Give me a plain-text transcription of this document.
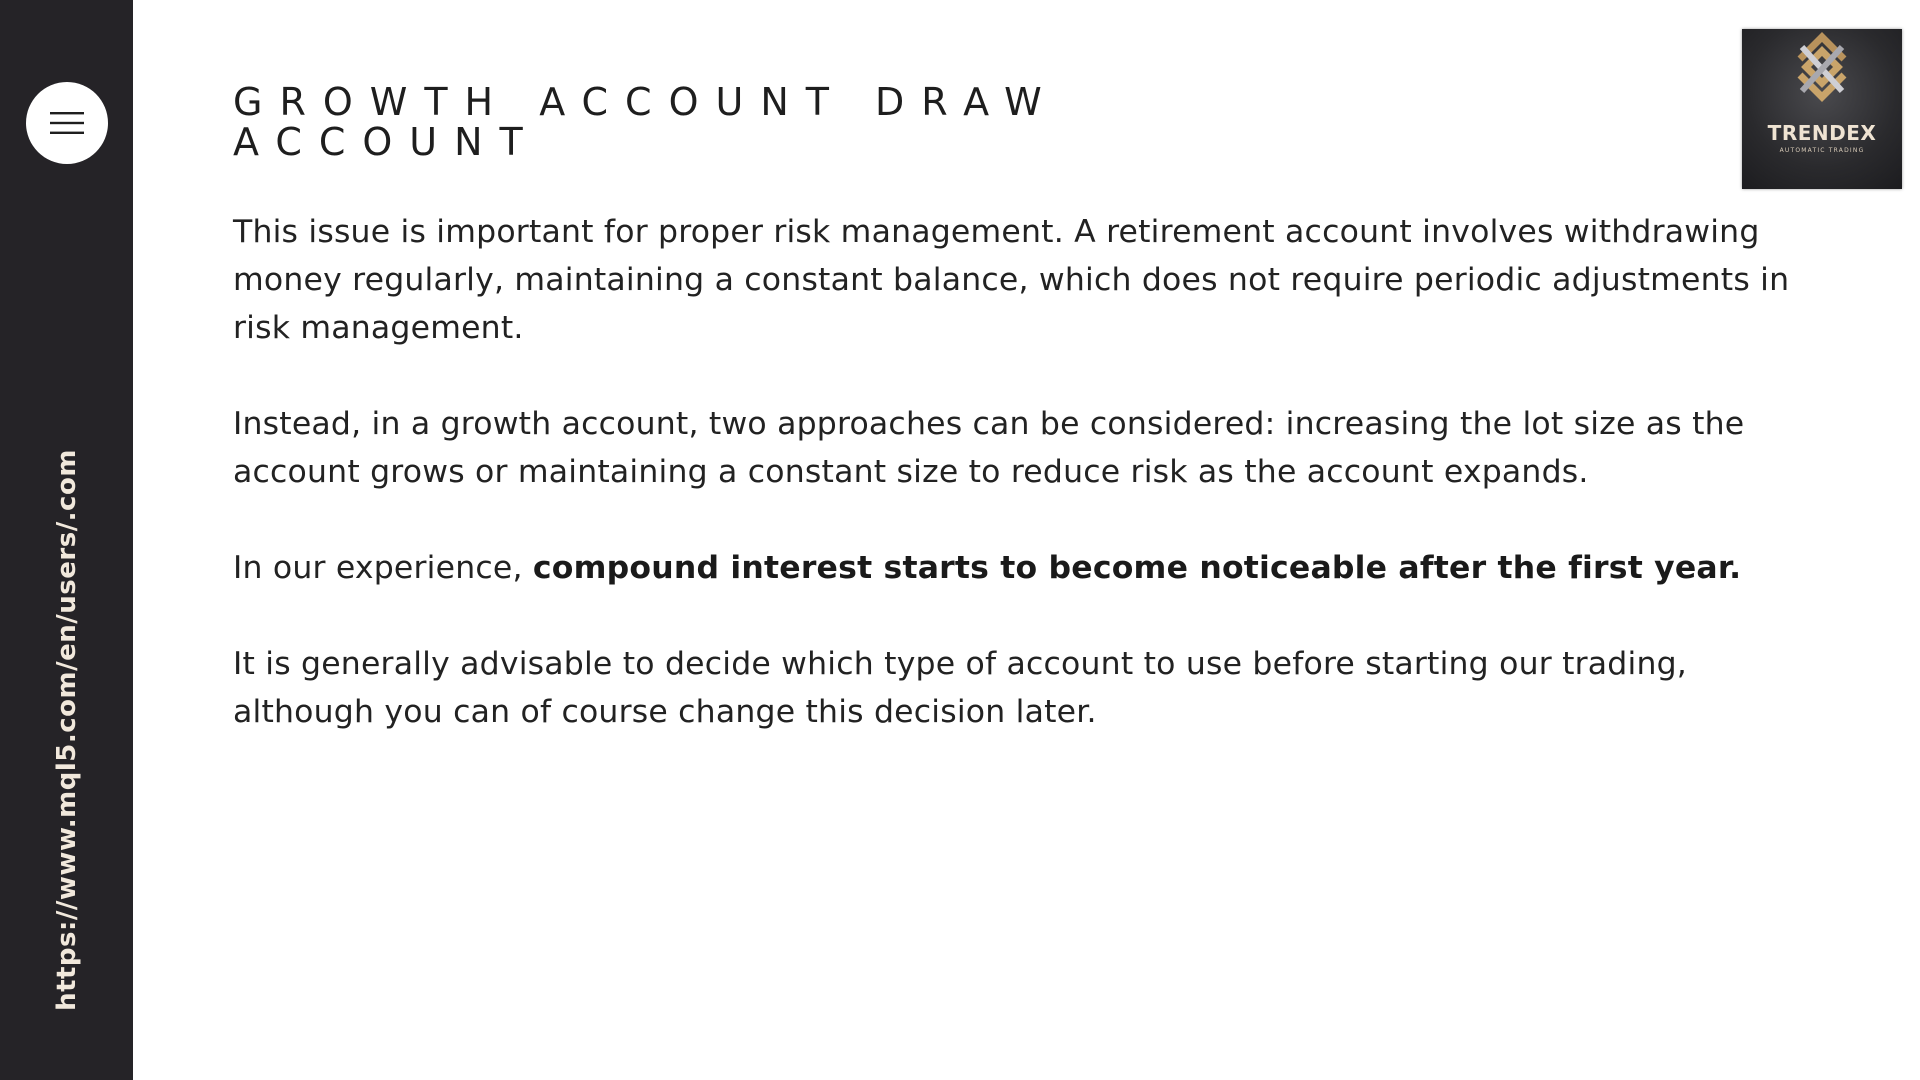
https://www.mql5.com/en/users/.com
TRENDEX
AUTOMATIC TRADING
GROWTH ACCOUNT DRAW ACCOUNT

This issue is important for proper risk management. A retirement account involves withdrawing money regularly, maintaining a constant balance, which does not require periodic adjustments in risk management.

Instead, in a growth account, two approaches can be considered: increasing the lot size as the account grows or maintaining a constant size to reduce risk as the account expands.

In our experience, compound interest starts to become noticeable after the first year.

It is generally advisable to decide which type of account to use before starting our trading, although you can of course change this decision later.
